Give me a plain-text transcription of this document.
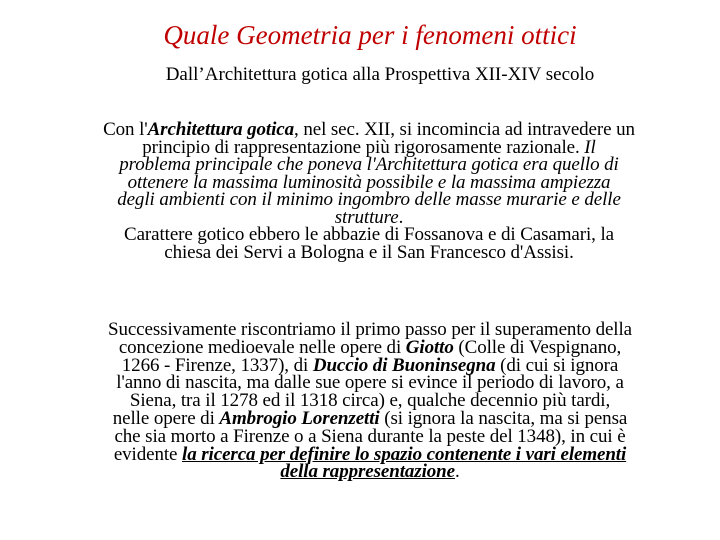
Quale Geometria per i fenomeni ottici
Dall’Architettura gotica alla Prospettiva XII-XIV secolo
Con l'Architettura gotica, nel sec. XII, si incomincia ad intravedere un
principio di rappresentazione più rigorosamente razionale. Il
problema principale che poneva l'Architettura gotica era quello di
ottenere la massima luminosità possibile e la massima ampiezza
degli ambienti con il minimo ingombro delle masse murarie e delle
strutture.
Carattere gotico ebbero le abbazie di Fossanova e di Casamari, la
chiesa dei Servi a Bologna e il San Francesco d'Assisi.
Successivamente riscontriamo il primo passo per il superamento della
concezione medioevale nelle opere di Giotto (Colle di Vespignano,
1266 - Firenze, 1337), di Duccio di Buoninsegna (di cui si ignora
l'anno di nascita, ma dalle sue opere si evince il periodo di lavoro, a
Siena, tra il 1278 ed il 1318 circa) e, qualche decennio più tardi,
nelle opere di Ambrogio Lorenzetti (si ignora la nascita, ma si pensa
che sia morto a Firenze o a Siena durante la peste del 1348), in cui è
evidente la ricerca per definire lo spazio contenente i vari elementi
della rappresentazione.
